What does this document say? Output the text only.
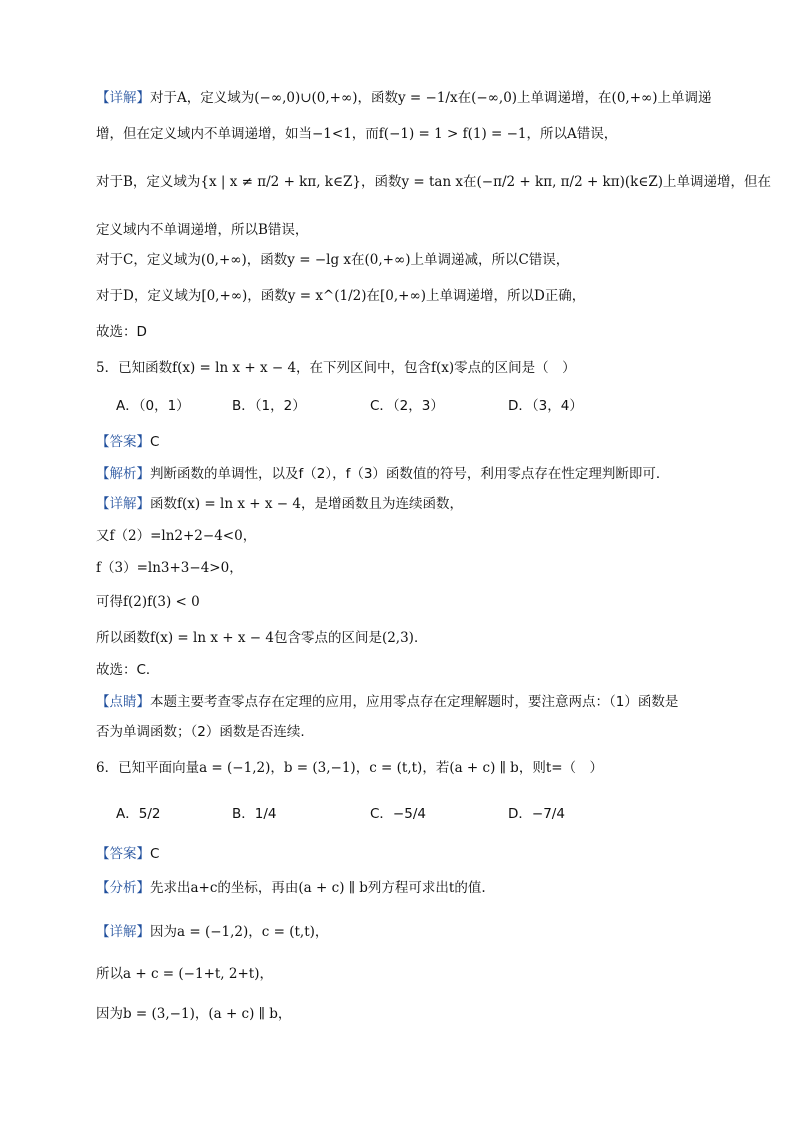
【详解】对于A，定义域为(−∞,0)∪(0,+∞)，函数y = −1/x在(−∞,0)上单调递增，在(0,+∞)上单调递
增，但在定义域内不单调递增，如当−1<1，而f(−1) = 1 > f(1) = −1，所以A错误，
对于B，定义域为{x | x ≠ π/2 + kπ, k∈Z}，函数y = tan x在(−π/2 + kπ, π/2 + kπ)(k∈Z)上单调递增，但在
定义域内不单调递增，所以B错误，
对于C，定义域为(0,+∞)，函数y = −lg x在(0,+∞)上单调递减，所以C错误，
对于D，定义域为[0,+∞)，函数y = x^(1/2)在[0,+∞)上单调递增，所以D正确，
故选：D
5．已知函数f(x) = ln x + x − 4，在下列区间中，包含f(x)零点的区间是（　）
A．（0，1）	B．（1，2）	C．（2，3）	D．（3，4）
【答案】C
【解析】判断函数的单调性，以及f（2），f（3）函数值的符号，利用零点存在性定理判断即可．
【详解】函数f(x) = ln x + x − 4，是增函数且为连续函数，
又f（2）=ln2+2−4<0，
f（3）=ln3+3−4>0，
可得f(2)f(3) < 0
所以函数f(x) = ln x + x − 4包含零点的区间是(2,3)．
故选：C．
【点睛】本题主要考查零点存在定理的应用，应用零点存在定理解题时，要注意两点：（1）函数是
否为单调函数；（2）函数是否连续.
6．已知平面向量a = (−1,2)，b = (3,−1)，c = (t,t)，若(a + c) ∥ b，则t=（　）
A．5/2	B．1/4	C．−5/4	D．−7/4
【答案】C
【分析】先求出a+c的坐标，再由(a + c) ∥ b列方程可求出t的值.
【详解】因为a = (−1,2)，c = (t,t)，
所以a + c = (−1+t, 2+t)，
因为b = (3,−1)，(a + c) ∥ b，
